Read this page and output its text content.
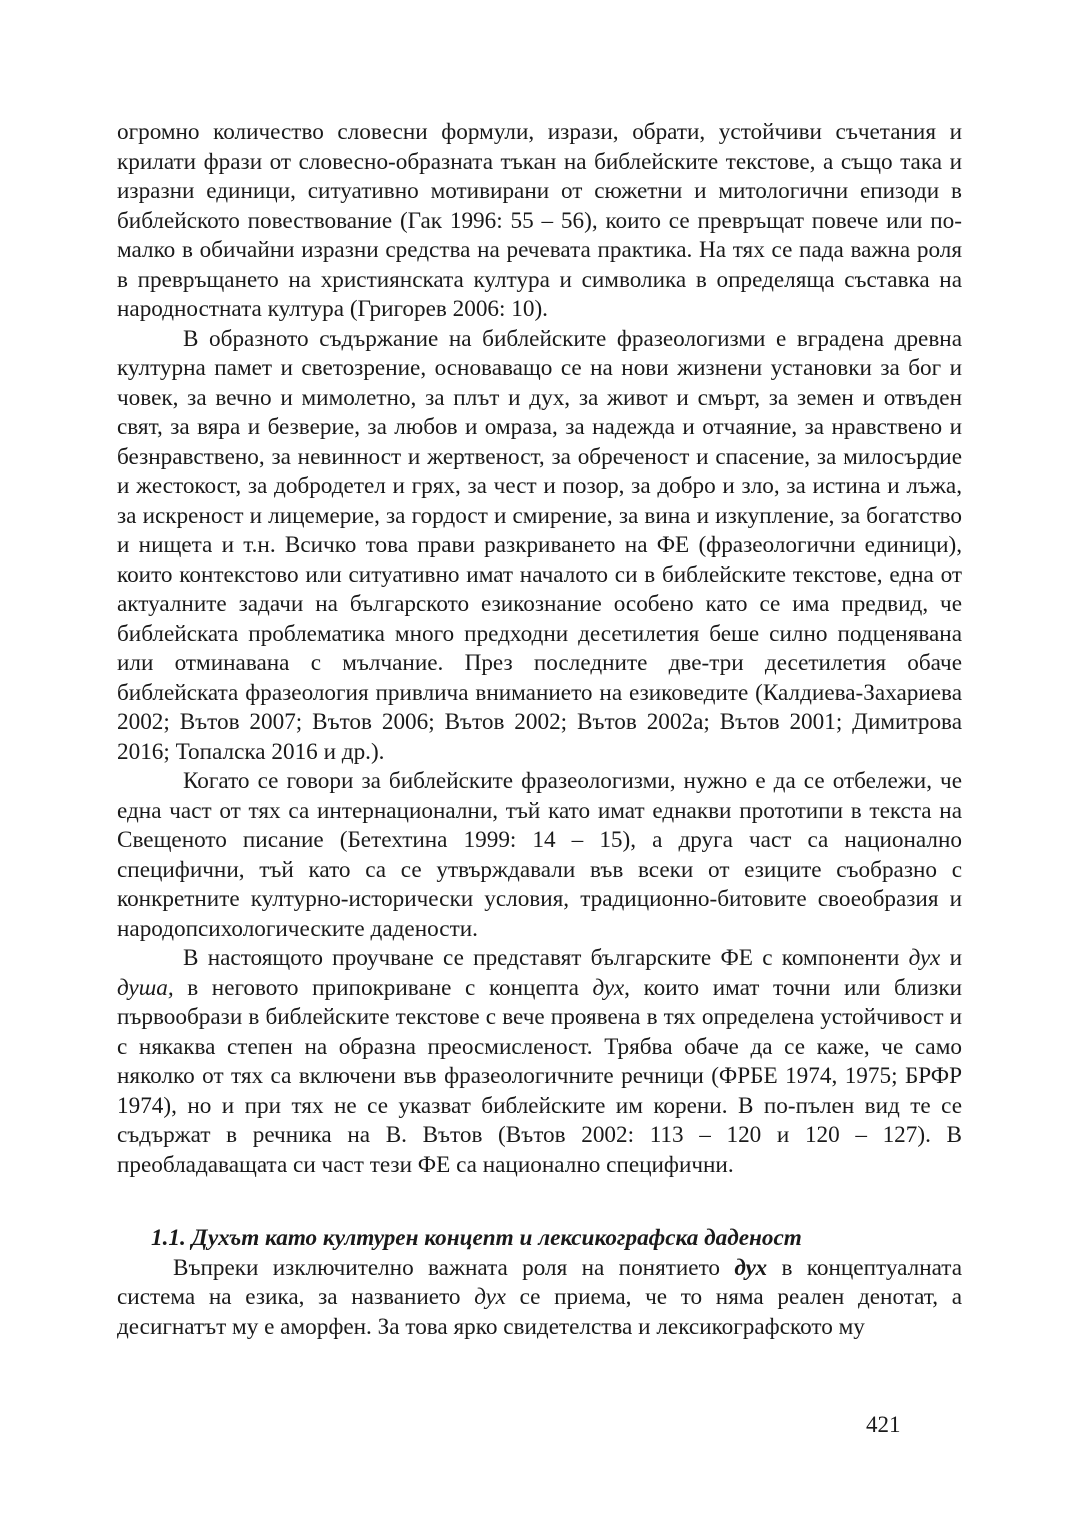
огромно количество словесни формули, изрази, обрати, устойчиви съчетания и крилати фрази от словесно-образната тъкан на библейските текстове, а също така и изразни единици, ситуативно мотивирани от сюжетни и митологични епизоди в библейското повествование (Гак 1996: 55 – 56), които се превръщат повече или по-малко в обичайни изразни средства на речевата практика. На тях се пада важна роля в превръщането на християнската култура и символика в определяща съставка на народностната култура (Григорев 2006: 10).

В образното съдържание на библейските фразеологизми е вградена древна културна памет и светозрение, основаващо се на нови жизнени установки за бог и човек, за вечно и мимолетно, за плът и дух, за живот и смърт, за земен и отвъден свят, за вяра и безверие, за любов и омраза, за надежда и отчаяние, за нравствено и безнравствено, за невинност и жертвеност, за обреченост и спасение, за милосърдие и жестокост, за добродетел и грях, за чест и позор, за добро и зло, за истина и лъжа, за искреност и лицемерие, за гордост и смирение, за вина и изкупление, за богатство и нищета и т.н. Всичко това прави разкриването на ФЕ (фразеологични единици), които контекстово или ситуативно имат началото си в библейските текстове, една от актуалните задачи на българското езикознание особено като се има предвид, че библейската проблематика много предходни десетилетия беше силно подценявана или отминавана с мълчание. През последните две-три десетилетия обаче библейската фразеология привлича вниманието на езиковедите (Калдиева-Захариева 2002; Вътов 2007; Вътов 2006; Вътов 2002; Вътов 2002а; Вътов 2001; Димитрова 2016; Топалска 2016 и др.).

Когато се говори за библейските фразеологизми, нужно е да се отбележи, че една част от тях са интернационални, тъй като имат еднакви прототипи в текста на Свещеното писание (Бетехтина 1999: 14 – 15), а друга част са национално специфични, тъй като са се утвърждавали във всеки от езиците съобразно с конкретните културно-исторически условия, традиционно-битовите своеобразия и народопсихологическите дадености.

В настоящото проучване се представят българските ФЕ с компоненти дух и душа, в неговото припокриване с концепта дух, които имат точни или близки първообрази в библейските текстове с вече проявена в тях определена устойчивост и с някаква степен на образна преосмисленост. Трябва обаче да се каже, че само няколко от тях са включени във фразеологичните речници (ФРБЕ 1974, 1975; БРФР 1974), но и при тях не се указват библейските им корени. В по-пълен вид те се съдържат в речника на В. Вътов (Вътов 2002: 113 – 120 и 120 – 127). В преобладаващата си част тези ФЕ са национално специфични.

1.1. Духът като културен концепт и лексикографска даденост

Въпреки изключително важната роля на понятието дух в концептуалната система на езика, за названието дух се приема, че то няма реален денотат, а десигнатът му е аморфен. За това ярко свидетелства и лексикографското му

421
